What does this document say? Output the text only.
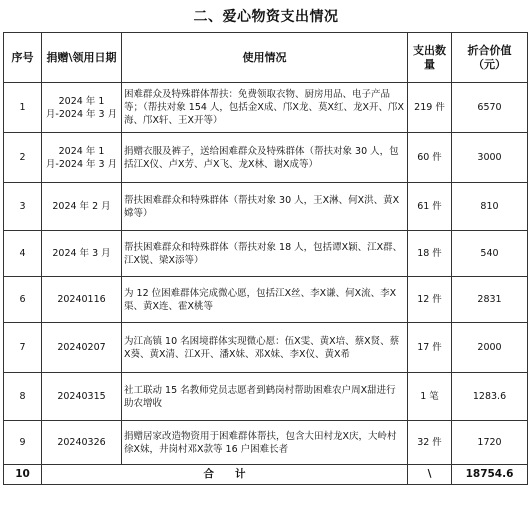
二、爱心物资支出情况
序号	捐赠\领用日期	使用情况	支出数量	折合价值（元）
1	2024 年 1 月-2024 年 3 月	困难群众及特殊群体帮扶：免费领取衣物、厨房用品、电子产品等；（帮扶对象 154 人，包括金Ⅹ成、邝Ⅹ龙、莫Ⅹ红、龙Ⅹ开、邝Ⅹ海、邝Ⅹ轩、王Ⅹ开等）	219 件	6570
2	2024 年 1 月-2024 年 3 月	捐赠衣服及裤子，送给困难群众及特殊群体（帮扶对象 30 人，包括江Ⅹ仪、卢Ⅹ芳、卢Ⅹ飞、龙Ⅹ林、谢Ⅹ成等）	60 件	3000
3	2024 年 2 月	帮扶困难群众和特殊群体（帮扶对象 30 人，王Ⅹ淋、何Ⅹ洪、黄Ⅹ嫦等）	61 件	810
4	2024 年 3 月	帮扶困难群众和特殊群体（帮扶对象 18 人，包括谭Ⅹ颖、江Ⅹ群、江Ⅹ锐、梁Ⅹ添等）	18 件	540
6	20240116	为 12 位困难群体完成微心愿，包括江Ⅹ丝、李Ⅹ谦、何Ⅹ流、李Ⅹ渠、黄Ⅹ连、霍Ⅹ桃等	12 件	2831
7	20240207	为江高镇 10 名困境群体实现微心愿：伍Ⅹ雯、黄Ⅹ培、蔡Ⅹ贤、蔡Ⅹ葵、黄Ⅹ清、江Ⅹ开、潘Ⅹ妹、邓Ⅹ妹、李Ⅹ仪、黄Ⅹ希	17 件	2000
8	20240315	社工联动 15 名教师党员志愿者到鹤岗村帮助困难农户周Ⅹ甜进行助农增收	1 笔	1283.6
9	20240326	捐赠居家改造物资用于困难群体帮扶，包含大田村龙Ⅹ庆，大岭村徐Ⅹ妹，井岗村邓Ⅹ款等 16 户困难长者	32 件	1720
10	合　　计		\	18754.6
